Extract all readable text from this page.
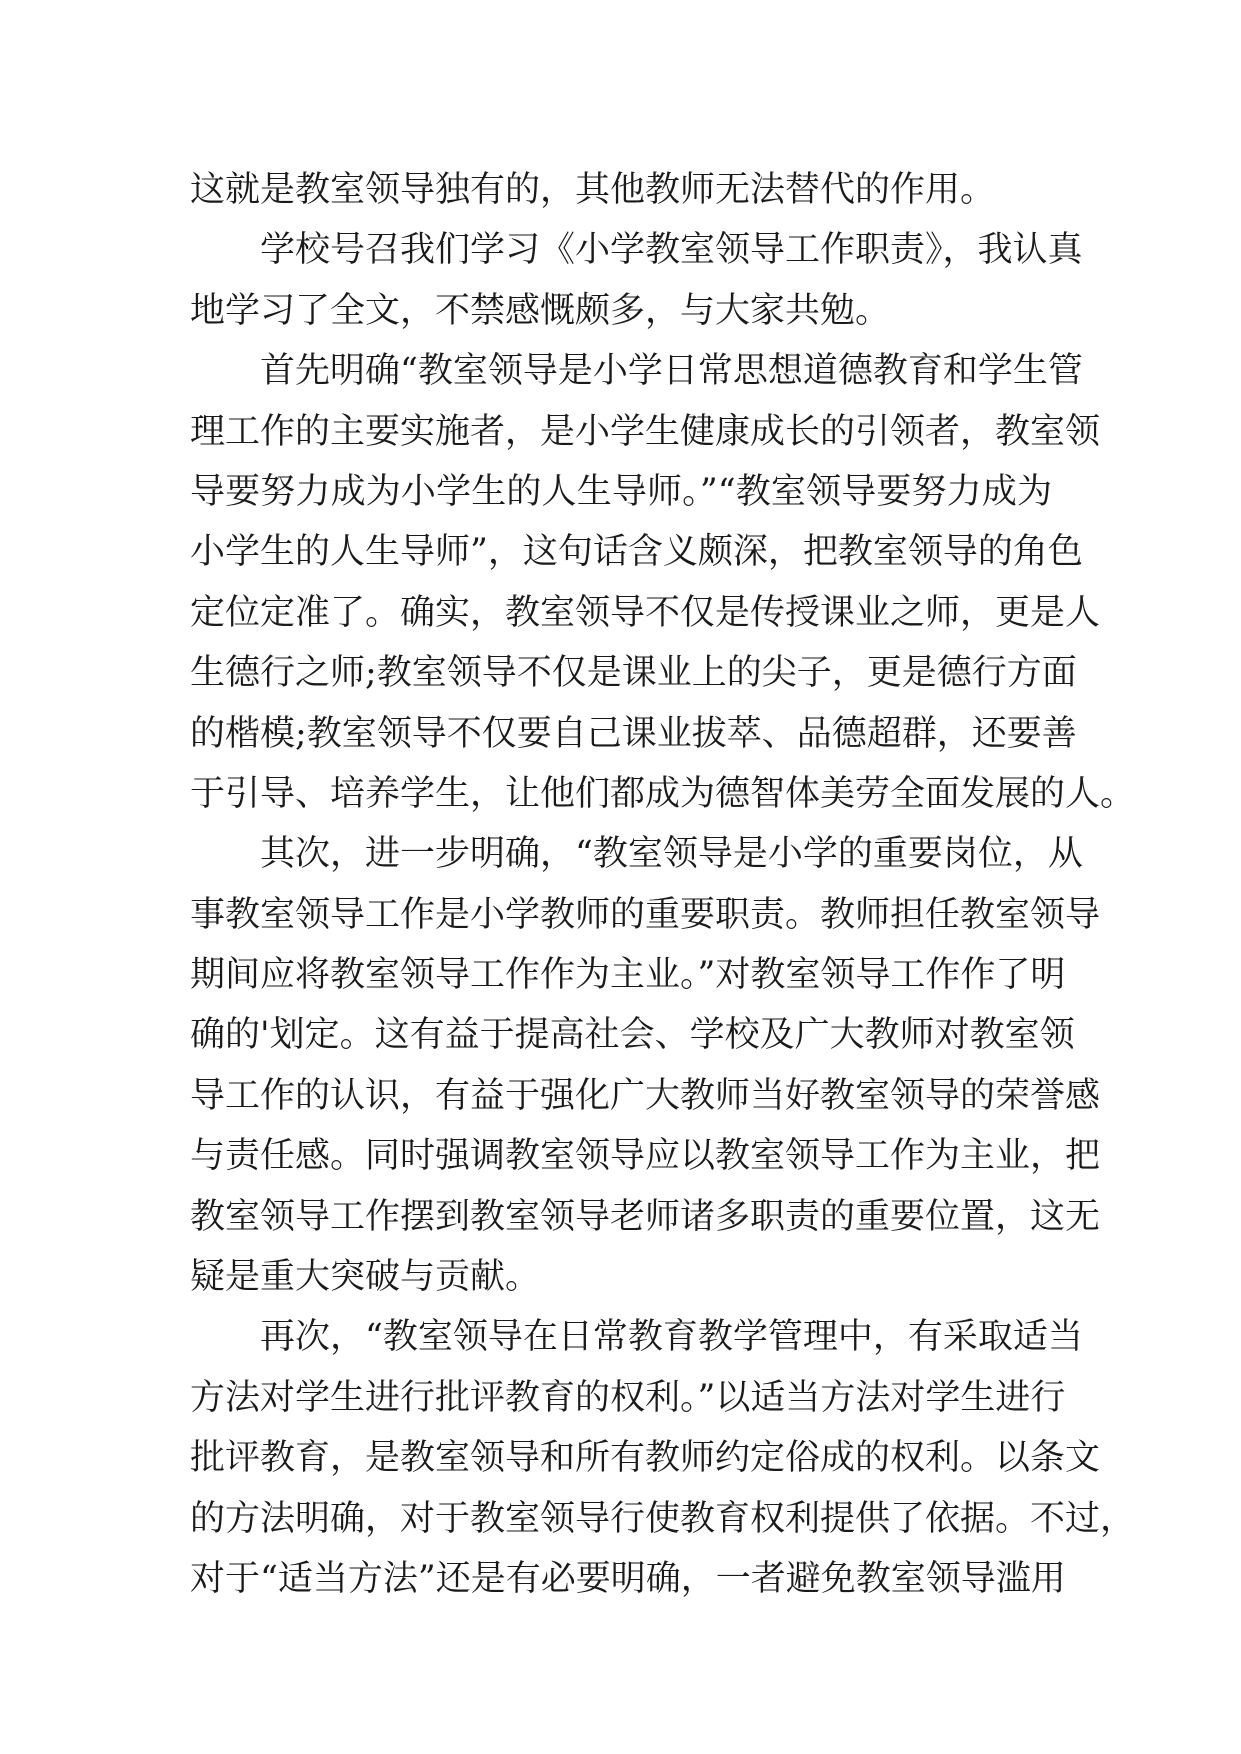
这就是教室领导独有的，其他教师无法替代的作用。
学校号召我们学习《小学教室领导工作职责》，我认真
地学习了全文，不禁感慨颇多，与大家共勉。
首先明确“教室领导是小学日常思想道德教育和学生管
理工作的主要实施者，是小学生健康成长的引领者，教室领
导要努力成为小学生的人生导师。”“教室领导要努力成为
小学生的人生导师”，这句话含义颇深，把教室领导的角色
定位定准了。确实，教室领导不仅是传授课业之师，更是人
生德行之师;教室领导不仅是课业上的尖子，更是德行方面
的楷模;教室领导不仅要自己课业拔萃、品德超群，还要善
于引导、培养学生，让他们都成为德智体美劳全面发展的人。
其次，进一步明确，“教室领导是小学的重要岗位，从
事教室领导工作是小学教师的重要职责。教师担任教室领导
期间应将教室领导工作作为主业。”对教室领导工作作了明
确的'划定。这有益于提高社会、学校及广大教师对教室领
导工作的认识，有益于强化广大教师当好教室领导的荣誉感
与责任感。同时强调教室领导应以教室领导工作为主业，把
教室领导工作摆到教室领导老师诸多职责的重要位置，这无
疑是重大突破与贡献。
再次，“教室领导在日常教育教学管理中，有采取适当
方法对学生进行批评教育的权利。”以适当方法对学生进行
批评教育，是教室领导和所有教师约定俗成的权利。以条文
的方法明确，对于教室领导行使教育权利提供了依据。不过，
对于“适当方法”还是有必要明确，一者避免教室领导滥用
